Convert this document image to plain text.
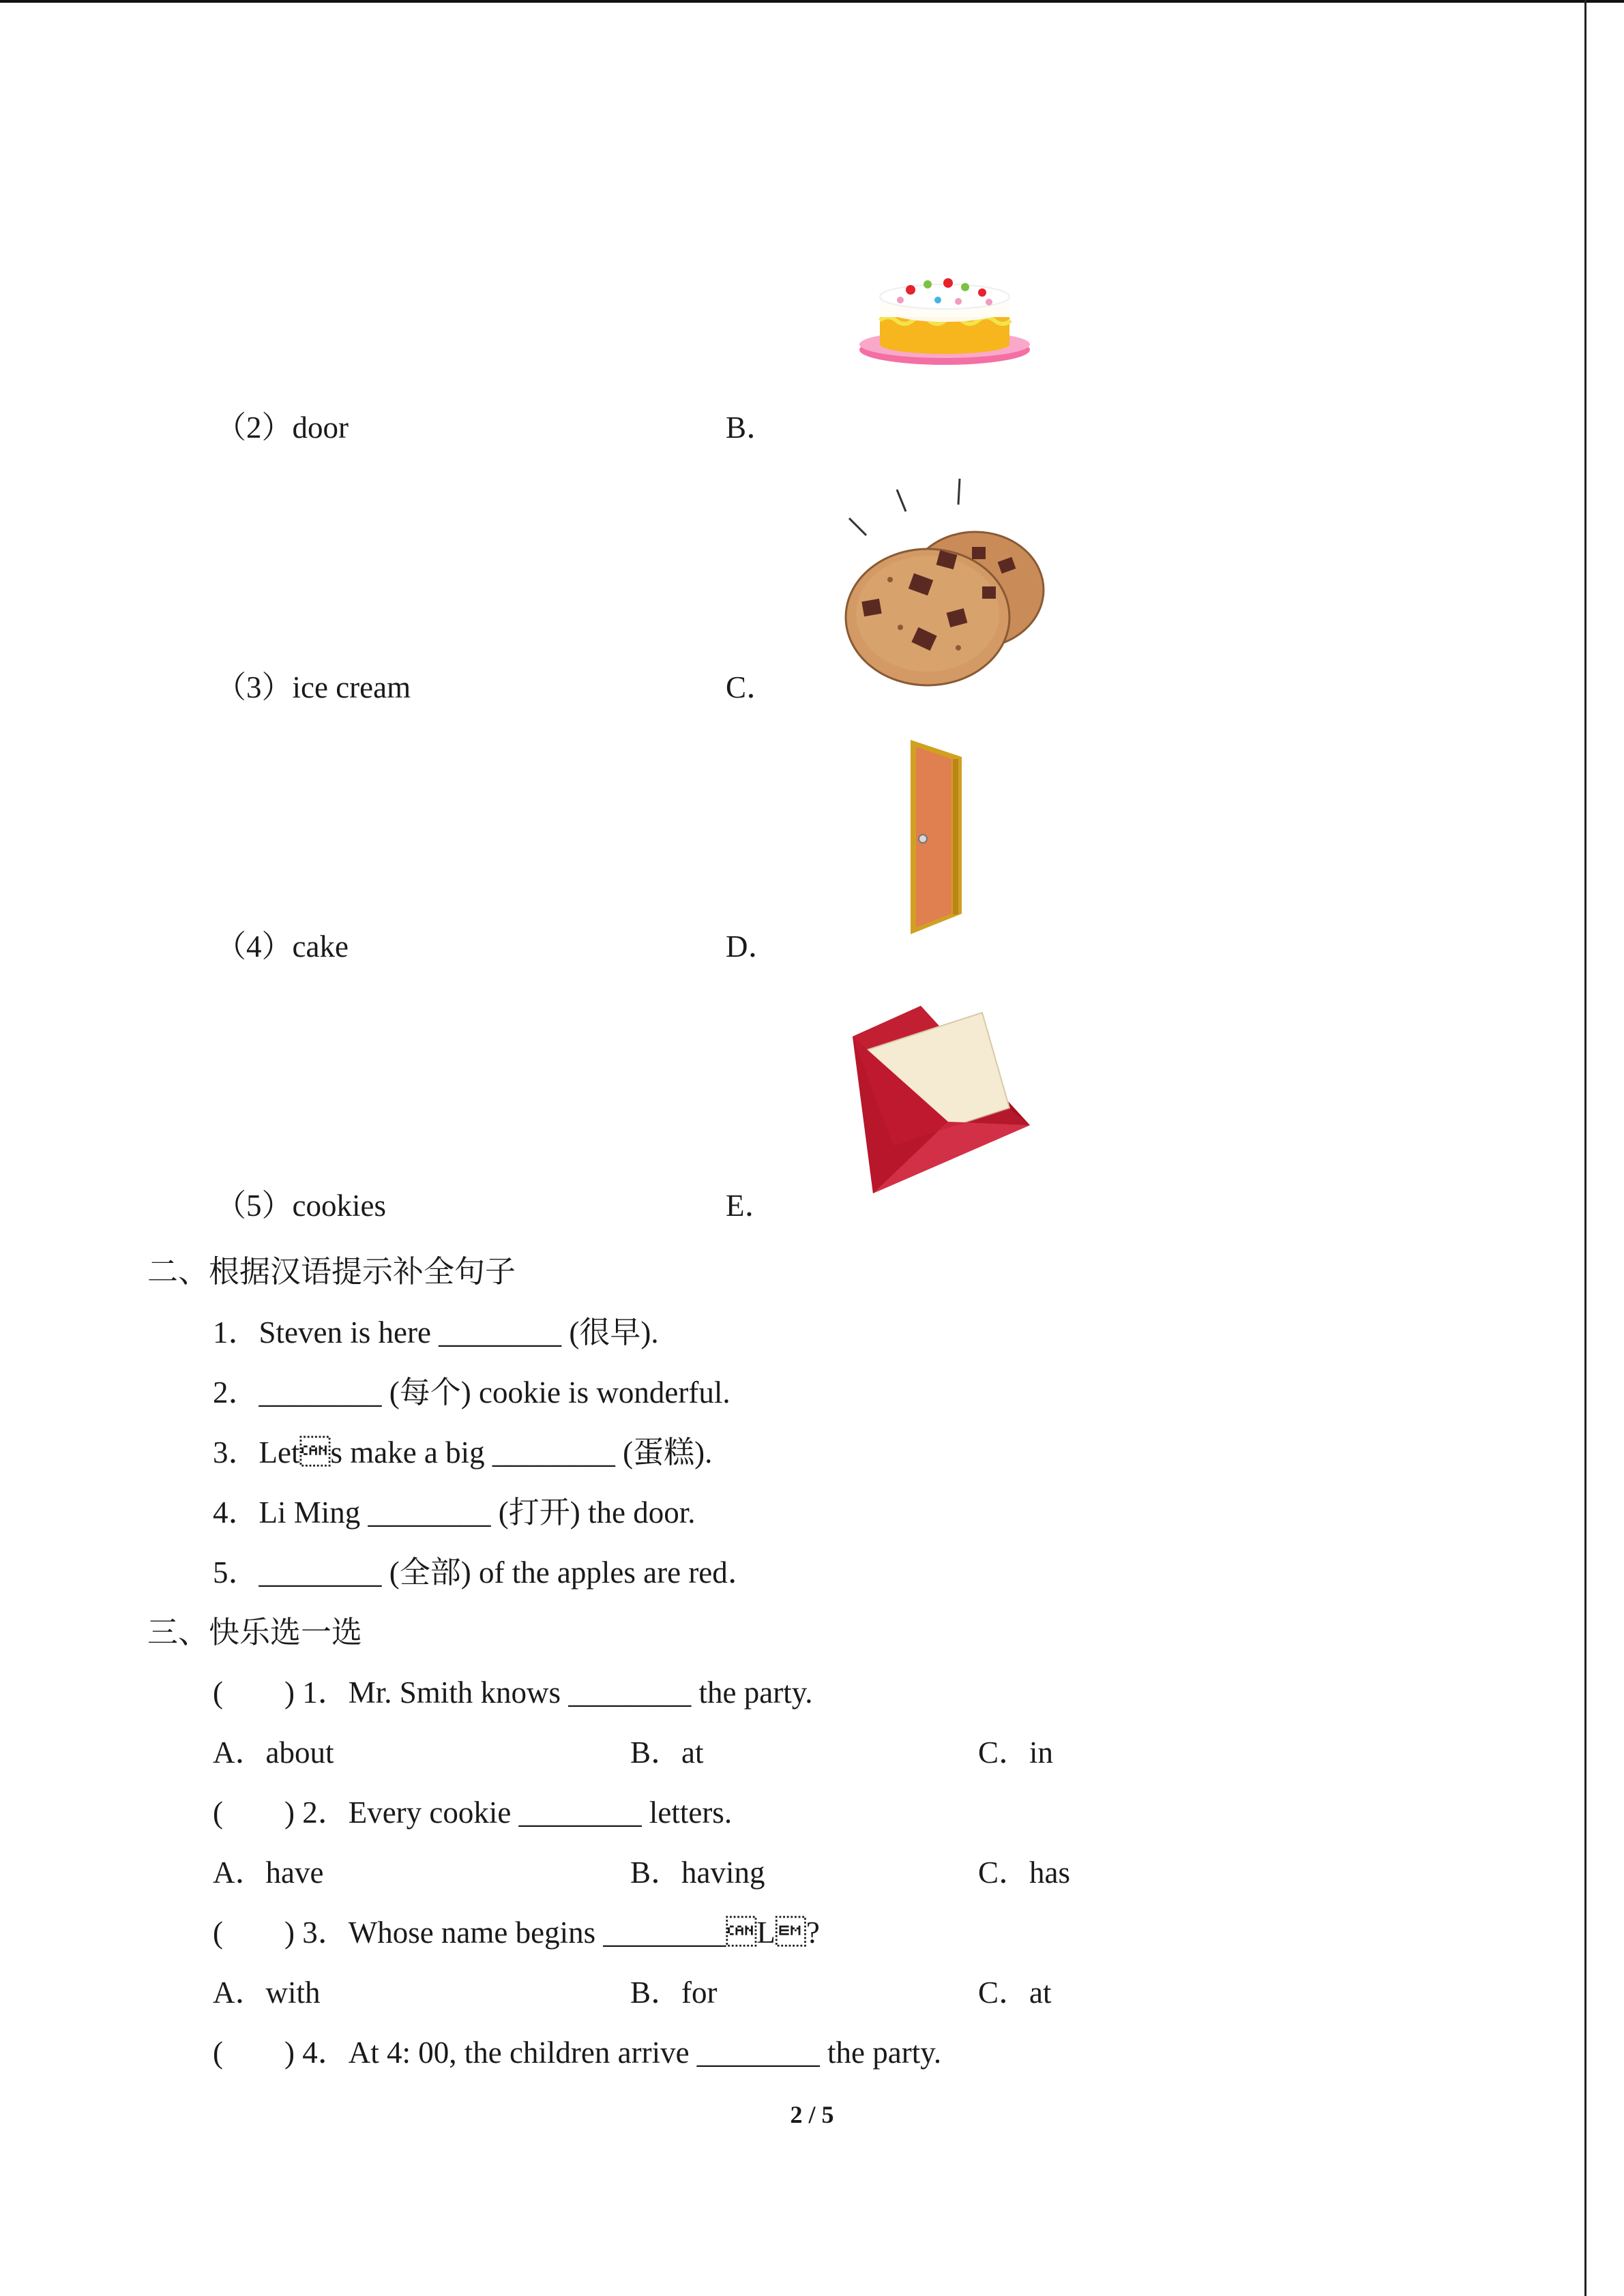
（2）door	B．
（3）ice cream	C．
（4）cake	D．
（5）cookies	E．
二、根据汉语提示补全句子
1．Steven is here ________ (很早).
2．________ (每个) cookie is wonderful.
3．Lets make a big ________ (蛋糕).
4．Li Ming ________ (打开) the door.
5．________ (全部) of the apples are red．
三、快乐选一选
(        ) 1．Mr. Smith knows ________ the party.
A．about	B．at	C．in
(        ) 2．Every cookie ________ letters.
A．have	B．having	C．has
(        ) 3．Whose name begins ________L?
A．with	B．for	C．at
(        ) 4．At 4: 00, the children arrive ________ the party.
2 / 5
